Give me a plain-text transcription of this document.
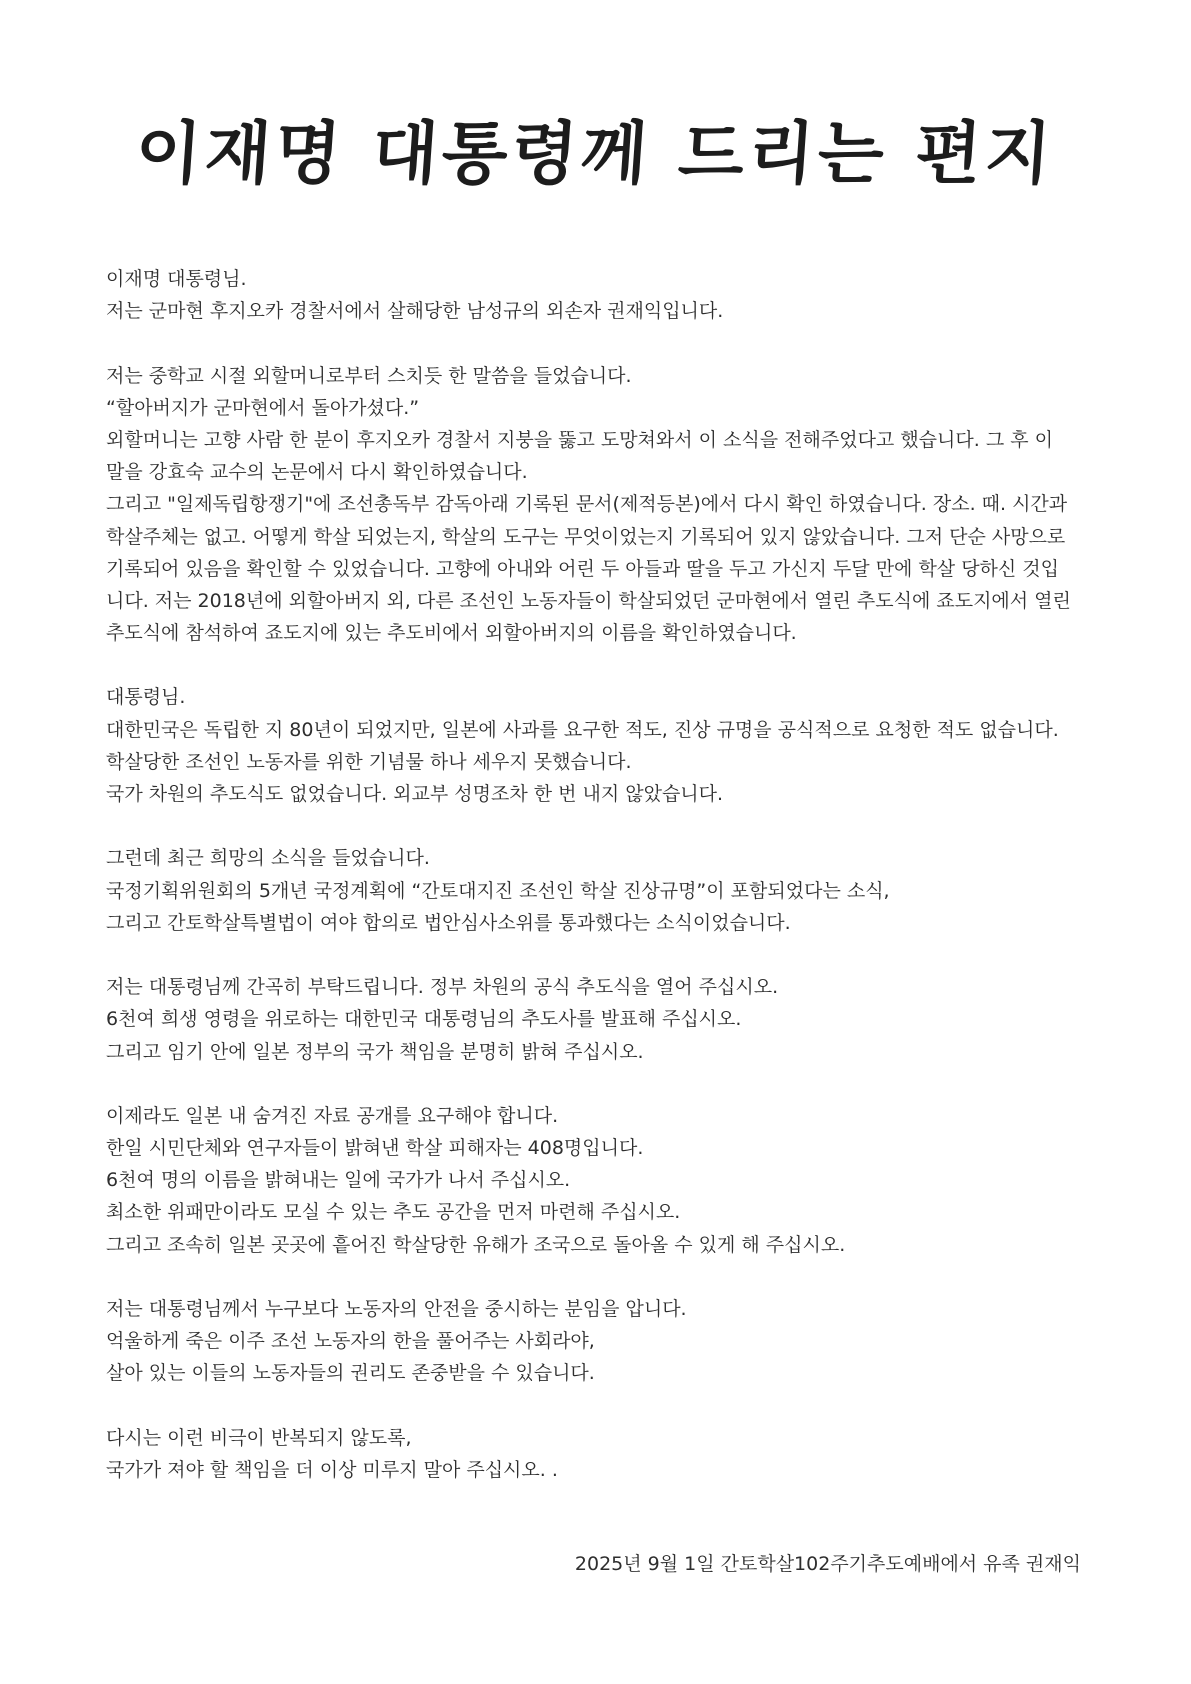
이재명 대통령께 드리는 편지
이재명 대통령님.
저는 군마현 후지오카 경찰서에서 살해당한 남성규의 외손자 권재익입니다.
저는 중학교 시절 외할머니로부터 스치듯 한 말씀을 들었습니다.
“할아버지가 군마현에서 돌아가셨다.”
외할머니는 고향 사람 한 분이 후지오카 경찰서 지붕을 뚫고 도망쳐와서 이 소식을 전해주었다고 했습니다. 그 후 이
말을 강효숙 교수의 논문에서 다시 확인하였습니다.
그리고 "일제독립항쟁기"에 조선총독부 감독아래 기록된 문서(제적등본)에서 다시 확인 하였습니다. 장소. 때. 시간과
학살주체는 없고. 어떻게 학살 되었는지, 학살의 도구는 무엇이었는지 기록되어 있지 않았습니다. 그저 단순 사망으로
기록되어 있음을 확인할 수 있었습니다. 고향에 아내와 어린 두 아들과 딸을 두고 가신지 두달 만에 학살 당하신 것입
니다. 저는 2018년에 외할아버지 외, 다른 조선인 노동자들이 학살되었던 군마현에서 열린 추도식에 죠도지에서 열린
추도식에 참석하여 죠도지에 있는 추도비에서 외할아버지의 이름을 확인하였습니다.
대통령님.
대한민국은 독립한 지 80년이 되었지만, 일본에 사과를 요구한 적도, 진상 규명을 공식적으로 요청한 적도 없습니다.
학살당한 조선인 노동자를 위한 기념물 하나 세우지 못했습니다.
국가 차원의 추도식도 없었습니다. 외교부 성명조차 한 번 내지 않았습니다.
그런데 최근 희망의 소식을 들었습니다.
국정기획위원회의 5개년 국정계획에 “간토대지진 조선인 학살 진상규명”이 포함되었다는 소식,
그리고 간토학살특별법이 여야 합의로 법안심사소위를 통과했다는 소식이었습니다.
저는 대통령님께 간곡히 부탁드립니다. 정부 차원의 공식 추도식을 열어 주십시오.
6천여 희생 영령을 위로하는 대한민국 대통령님의 추도사를 발표해 주십시오.
그리고 임기 안에 일본 정부의 국가 책임을 분명히 밝혀 주십시오.
이제라도 일본 내 숨겨진 자료 공개를 요구해야 합니다.
한일 시민단체와 연구자들이 밝혀낸 학살 피해자는 408명입니다.
6천여 명의 이름을 밝혀내는 일에 국가가 나서 주십시오.
최소한 위패만이라도 모실 수 있는 추도 공간을 먼저 마련해 주십시오.
그리고 조속히 일본 곳곳에 흩어진 학살당한 유해가 조국으로 돌아올 수 있게 해 주십시오.
저는 대통령님께서 누구보다 노동자의 안전을 중시하는 분임을 압니다.
억울하게 죽은 이주 조선 노동자의 한을 풀어주는 사회라야,
살아 있는 이들의 노동자들의 권리도 존중받을 수 있습니다.
다시는 이런 비극이 반복되지 않도록,
국가가 져야 할 책임을 더 이상 미루지 말아 주십시오. .
2025년 9월 1일 간토학살102주기추도예배에서 유족 권재익
